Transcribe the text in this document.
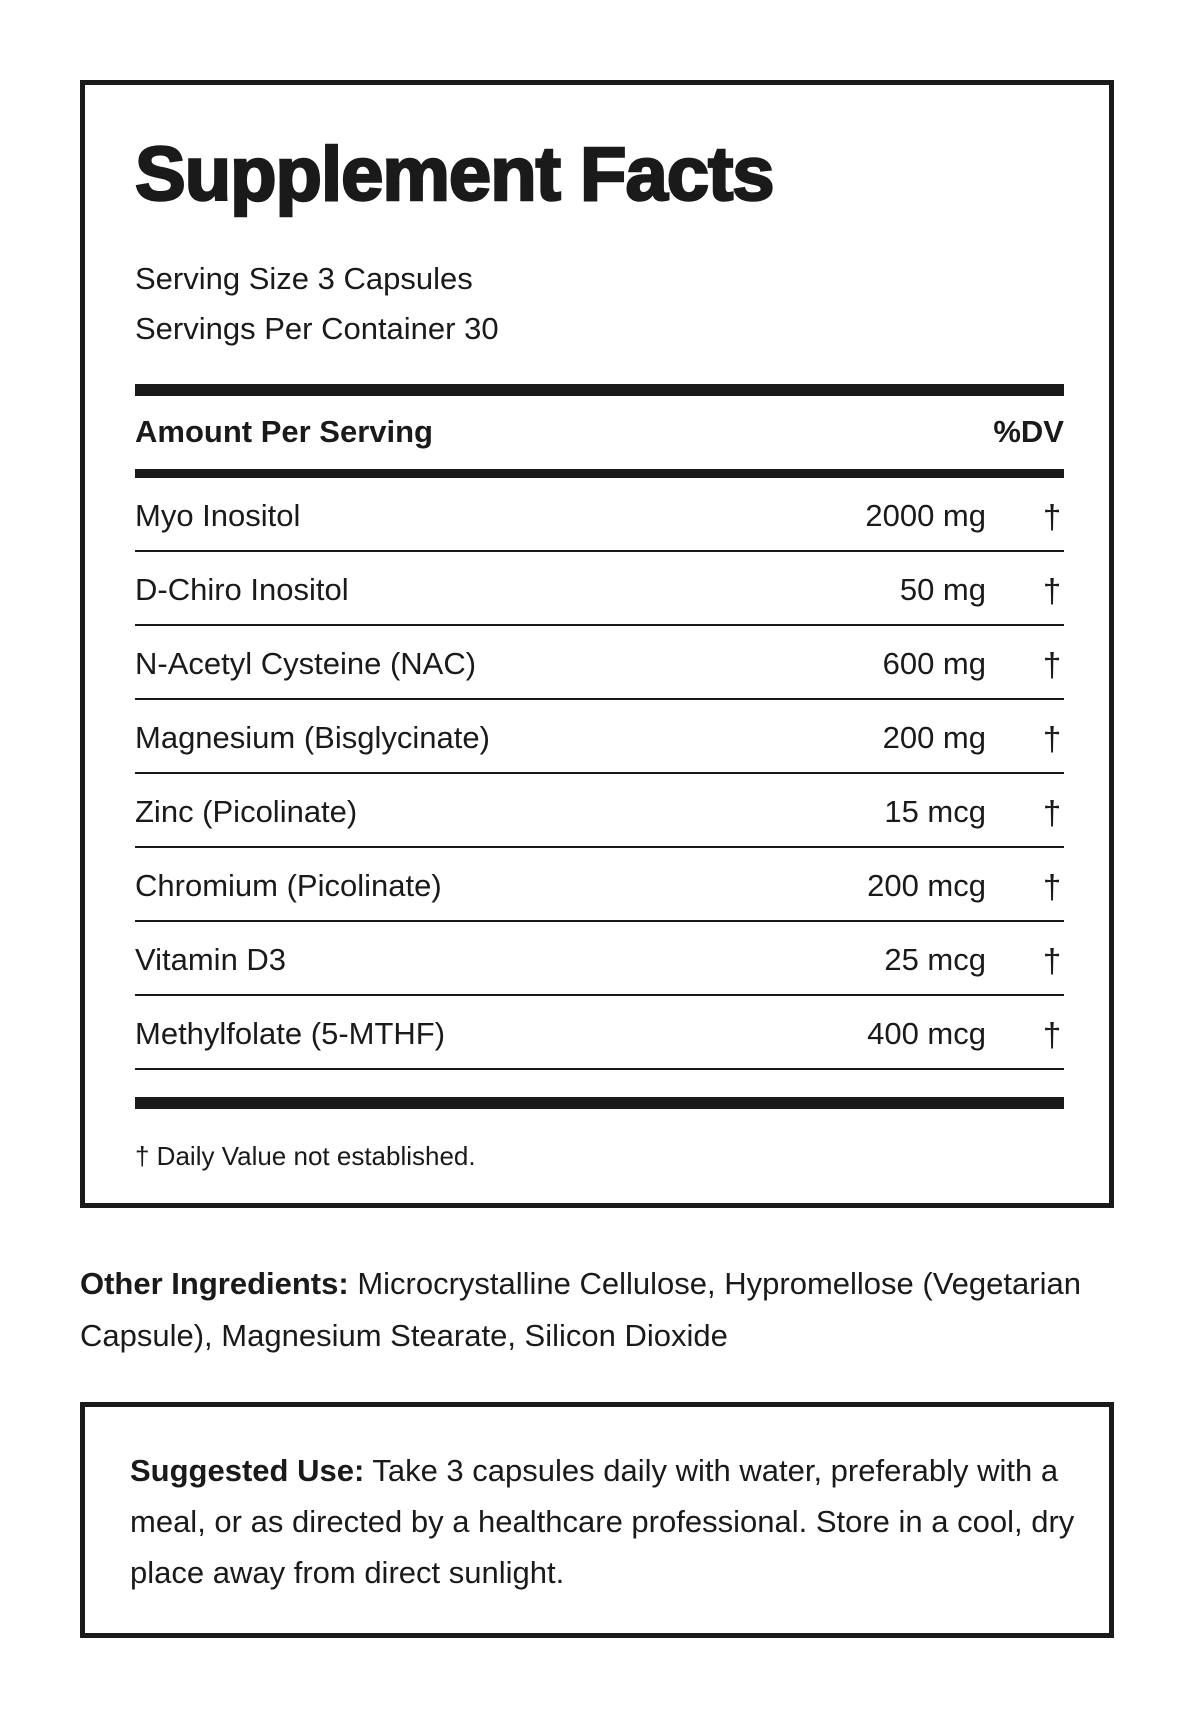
Supplement Facts
Serving Size 3 Capsules
Servings Per Container 30
Amount Per Serving	%DV
Myo Inositol	2000 mg †
D-Chiro Inositol	50 mg †
N-Acetyl Cysteine (NAC)	600 mg †
Magnesium (Bisglycinate)	200 mg †
Zinc (Picolinate)	15 mcg †
Chromium (Picolinate)	200 mcg †
Vitamin D3	25 mcg †
Methylfolate (5-MTHF)	400 mcg †
† Daily Value not established.

Other Ingredients: Microcrystalline Cellulose, Hypromellose (Vegetarian Capsule), Magnesium Stearate, Silicon Dioxide

Suggested Use: Take 3 capsules daily with water, preferably with a meal, or as directed by a healthcare professional. Store in a cool, dry place away from direct sunlight.
